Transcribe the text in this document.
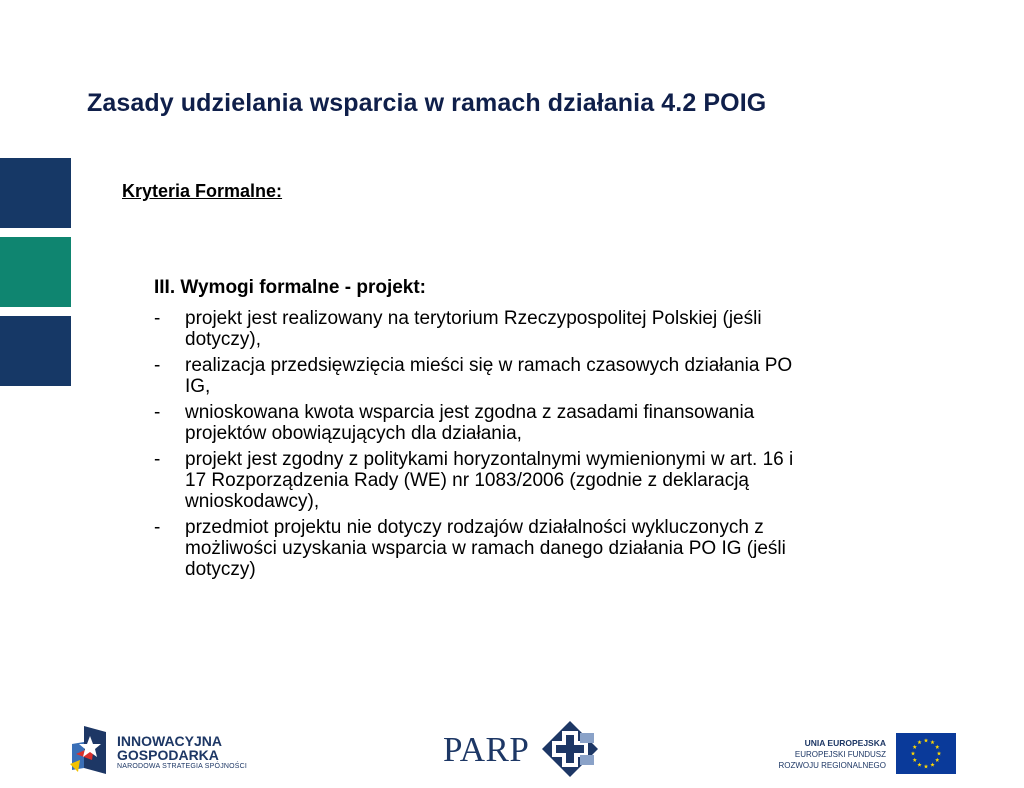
Zasady udzielania wsparcia w ramach działania 4.2 POIG
Kryteria Formalne:
III. Wymogi formalne - projekt:
- projekt jest realizowany na terytorium Rzeczypospolitej Polskiej (jeśli
dotyczy),
- realizacja przedsięwzięcia mieści się w ramach czasowych działania PO
IG,
- wnioskowana kwota wsparcia jest zgodna z zasadami finansowania
projektów obowiązujących dla działania,
- projekt jest zgodny z politykami horyzontalnymi wymienionymi w art. 16 i
17 Rozporządzenia Rady (WE) nr 1083/2006 (zgodnie z deklaracją
wnioskodawcy),
- przedmiot projektu nie dotyczy rodzajów działalności wykluczonych z
możliwości uzyskania wsparcia w ramach danego działania PO IG (jeśli
dotyczy)
INNOWACYJNA
GOSPODARKA
NARODOWA STRATEGIA SPÓJNOŚCI	PARP	UNIA EUROPEJSKA
EUROPEJSKI FUNDUSZ
ROZWOJU REGIONALNEGO
